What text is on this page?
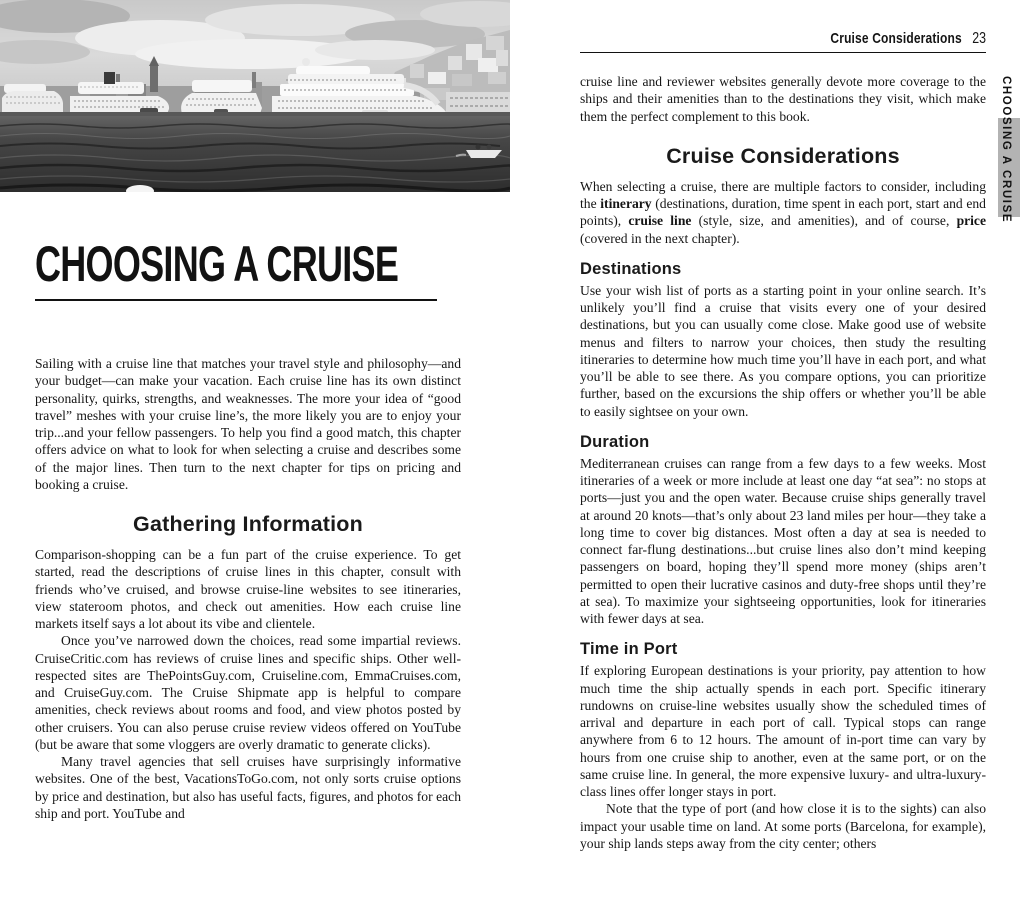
CHOOSING A CRUISE

Sailing with a cruise line that matches your travel style and philosophy—and your budget—can make your vacation. Each cruise line has its own distinct personality, quirks, strengths, and weaknesses. The more your idea of “good travel” meshes with your cruise line’s, the more likely you are to enjoy your trip...and your fellow passengers. To help you find a good match, this chapter offers advice on what to look for when selecting a cruise and describes some of the major lines. Then turn to the next chapter for tips on pricing and booking a cruise.

Gathering Information

Comparison-shopping can be a fun part of the cruise experience. To get started, read the descriptions of cruise lines in this chapter, consult with friends who’ve cruised, and browse cruise-line websites to see itineraries, view stateroom photos, and check out amenities. How each cruise line markets itself says a lot about its vibe and clientele.

Once you’ve narrowed down the choices, read some impartial reviews. CruiseCritic.com has reviews of cruise lines and specific ships. Other well-respected sites are ThePointsGuy.com, Cruiseline.com, EmmaCruises.com, and CruiseGuy.com. The Cruise Shipmate app is helpful to compare amenities, check reviews about rooms and food, and view photos posted by other cruisers. You can also peruse cruise review videos offered on YouTube (but be aware that some vloggers are overly dramatic to generate clicks).

Many travel agencies that sell cruises have surprisingly informative websites. One of the best, VacationsToGo.com, not only sorts cruise options by price and destination, but also has useful facts, figures, and photos for each ship and port. YouTube and

Cruise Considerations 23

cruise line and reviewer websites generally devote more coverage to the ships and their amenities than to the destinations they visit, which make them the perfect complement to this book.

Cruise Considerations

When selecting a cruise, there are multiple factors to consider, including the itinerary (destinations, duration, time spent in each port, start and end points), cruise line (style, size, and amenities), and of course, price (covered in the next chapter).

Destinations

Use your wish list of ports as a starting point in your online search. It’s unlikely you’ll find a cruise that visits every one of your desired destinations, but you can usually come close. Make good use of website menus and filters to narrow your choices, then study the resulting itineraries to determine how much time you’ll have in each port, and what you’ll be able to see there. As you compare options, you can prioritize further, based on the excursions the ship offers or whether you’ll be able to easily sightsee on your own.

Duration

Mediterranean cruises can range from a few days to a few weeks. Most itineraries of a week or more include at least one day “at sea”: no stops at ports—just you and the open water. Because cruise ships generally travel at around 20 knots—that’s only about 23 land miles per hour—they take a long time to cover big distances. Most often a day at sea is needed to connect far-flung destinations...but cruise lines also don’t mind keeping passengers on board, hoping they’ll spend more money (ships aren’t permitted to open their lucrative casinos and duty-free shops until they’re at sea). To maximize your sightseeing opportunities, look for itineraries with fewer days at sea.

Time in Port

If exploring European destinations is your priority, pay attention to how much time the ship actually spends in each port. Specific itinerary rundowns on cruise-line websites usually show the scheduled times of arrival and departure in each port of call. Typical stops can range anywhere from 6 to 12 hours. The amount of in-port time can vary by hours from one cruise ship to another, even at the same port, or on the same cruise line. In general, the more expensive luxury- and ultra-luxury-class lines offer longer stays in port.

Note that the type of port (and how close it is to the sights) can also impact your usable time on land. At some ports (Barcelona, for example), your ship lands steps away from the city center; others

CHOOSING A CRUISE
